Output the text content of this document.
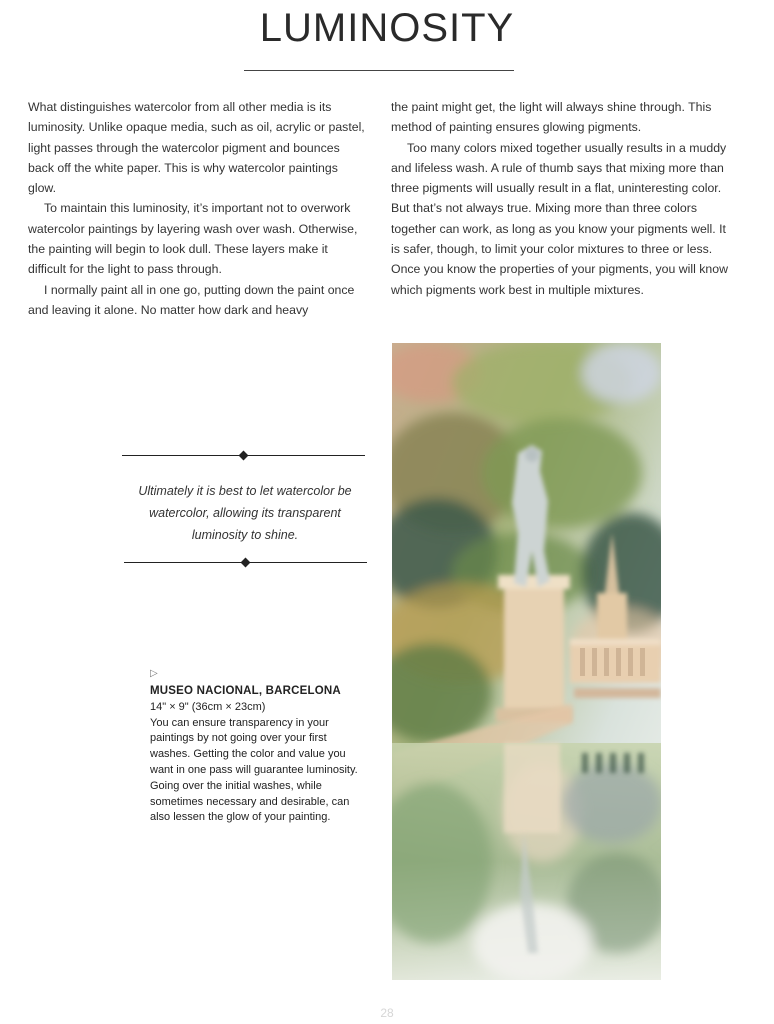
LUMINOSITY

What distinguishes watercolor from all other media is its luminosity. Unlike opaque media, such as oil, acrylic or pastel, light passes through the watercolor pigment and bounces back off the white paper. This is why watercolor paintings glow.

To maintain this luminosity, it’s important not to overwork watercolor paintings by layering wash over wash. Otherwise, the painting will begin to look dull. These layers make it difficult for the light to pass through.

I normally paint all in one go, putting down the paint once and leaving it alone. No matter how dark and heavy

the paint might get, the light will always shine through. This method of painting ensures glowing pigments.

Too many colors mixed together usually results in a muddy and lifeless wash. A rule of thumb says that mixing more than three pigments will usually result in a flat, uninteresting color. But that’s not always true. Mixing more than three colors together can work, as long as you know your pigments well. It is safer, though, to limit your color mixtures to three or less. Once you know the properties of your pigments, you will know which pigments work best in multiple mixtures.

Ultimately it is best to let watercolor be watercolor, allowing its transparent luminosity to shine.
▷
MUSEO NACIONAL, BARCELONA
14" × 9" (36cm × 23cm)
You can ensure transparency in your paintings by not going over your first washes. Getting the color and value you want in one pass will guarantee luminosity. Going over the initial washes, while sometimes necessary and desirable, can also lessen the glow of your painting.
28
